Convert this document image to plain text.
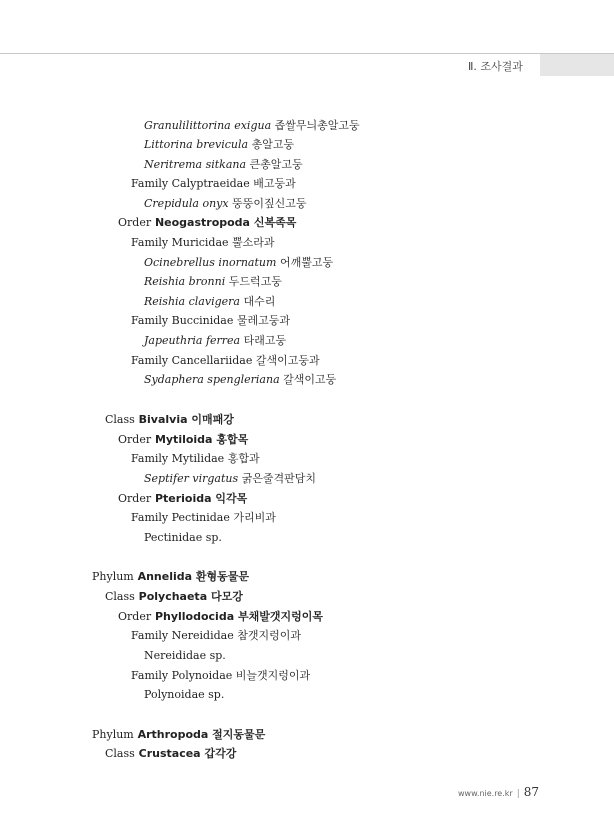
Ⅱ. 조사결과
Granulilittorina exigua 좁쌀무늬총알고둥
Littorina brevicula 총알고둥
Neritrema sitkana 큰총알고둥
Family Calyptraeidae 배고둥과
Crepidula onyx 뚱뚱이짚신고둥
Order Neogastropoda 신복족목
Family Muricidae 뿔소라과
Ocinebrellus inornatum 어깨뿔고둥
Reishia bronni 두드럭고둥
Reishia clavigera 대수리
Family Buccinidae 물레고둥과
Japeuthria ferrea 타래고둥
Family Cancellariidae 갈색이고둥과
Sydaphera spengleriana 갈색이고둥
Class Bivalvia 이매패강
Order Mytiloida 홍합목
Family Mytilidae 홍합과
Septifer virgatus 굵은줄격판담치
Order Pterioida 익각목
Family Pectinidae 가리비과
Pectinidae sp.
Phylum Annelida 환형동물문
Class Polychaeta 다모강
Order Phyllodocida 부채발갯지렁이목
Family Nereididae 참갯지렁이과
Nereididae sp.
Family Polynoidae 비늘갯지렁이과
Polynoidae sp.
Phylum Arthropoda 절지동물문
Class Crustacea 갑각강
www.nie.re.kr | 87
